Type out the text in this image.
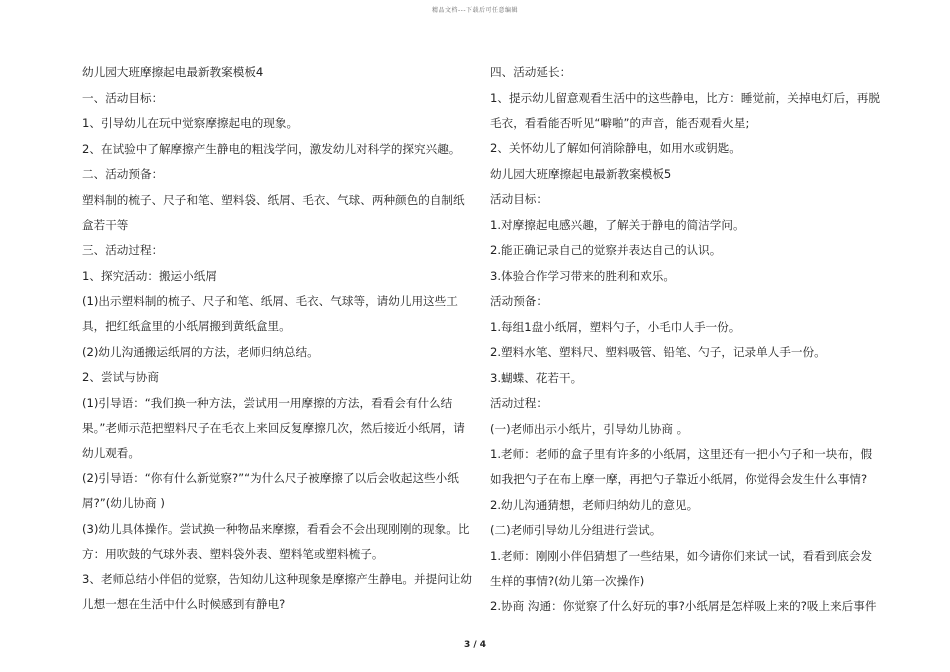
精品文档---下载后可任意编辑
幼儿园大班摩擦起电最新教案模板4
一、活动目标：
1、引导幼儿在玩中觉察摩擦起电的现象。
2、在试验中了解摩擦产生静电的粗浅学问，激发幼儿对科学的探究兴趣。
二、活动预备：
塑料制的梳子、尺子和笔、塑料袋、纸屑、毛衣、气球、两种颜色的自制纸盒若干等
三、活动过程：
1、探究活动：搬运小纸屑
(1)出示塑料制的梳子、尺子和笔、纸屑、毛衣、气球等，请幼儿用这些工具，把红纸盒里的小纸屑搬到黄纸盒里。
(2)幼儿沟通搬运纸屑的方法，老师归纳总结。
2、尝试与协商
(1)引导语：“我们换一种方法，尝试用一用摩擦的方法，看看会有什么结果。”老师示范把塑料尺子在毛衣上来回反复摩擦几次，然后接近小纸屑，请幼儿观看。
(2)引导语：“你有什么新觉察?”“为什么尺子被摩擦了以后会收起这些小纸屑?”(幼儿协商 )
(3)幼儿具体操作。尝试换一种物品来摩擦，看看会不会出现刚刚的现象。比方：用吹鼓的气球外表、塑料袋外表、塑料笔或塑料梳子。
3、老师总结小伴侣的觉察，告知幼儿这种现象是摩擦产生静电。并提问让幼儿想一想在生活中什么时候感到有静电?
四、活动延长：
1、提示幼儿留意观看生活中的这些静电，比方：睡觉前，关掉电灯后，再脱毛衣，看看能否听见“噼啪”的声音，能否观看火星;
2、关怀幼儿了解如何消除静电，如用水或钥匙。
幼儿园大班摩擦起电最新教案模板5
活动目标：
1.对摩擦起电感兴趣，了解关于静电的简洁学问。
2.能正确记录自己的觉察并表达自己的认识。
3.体验合作学习带来的胜利和欢乐。
活动预备：
1.每组1盘小纸屑，塑料勺子，小毛巾人手一份。
2.塑料水笔、塑料尺、塑料吸管、铅笔、勺子，记录单人手一份。
3.蝴蝶、花若干。
活动过程：
(一)老师出示小纸片，引导幼儿协商 。
1.老师：老师的盒子里有许多的小纸屑，这里还有一把小勺子和一块布，假如我把勺子在布上摩一摩，再把勺子靠近小纸屑，你觉得会发生什么事情?
2.幼儿沟通猜想，老师归纳幼儿的意见。
(二)老师引导幼儿分组进行尝试。
1.老师：刚刚小伴侣猜想了一些结果，如今请你们来试一试，看看到底会发生样的事情?(幼儿第一次操作)
2.协商 沟通：你觉察了什么好玩的事?小纸屑是怎样吸上来的?吸上来后事件
3 / 4
